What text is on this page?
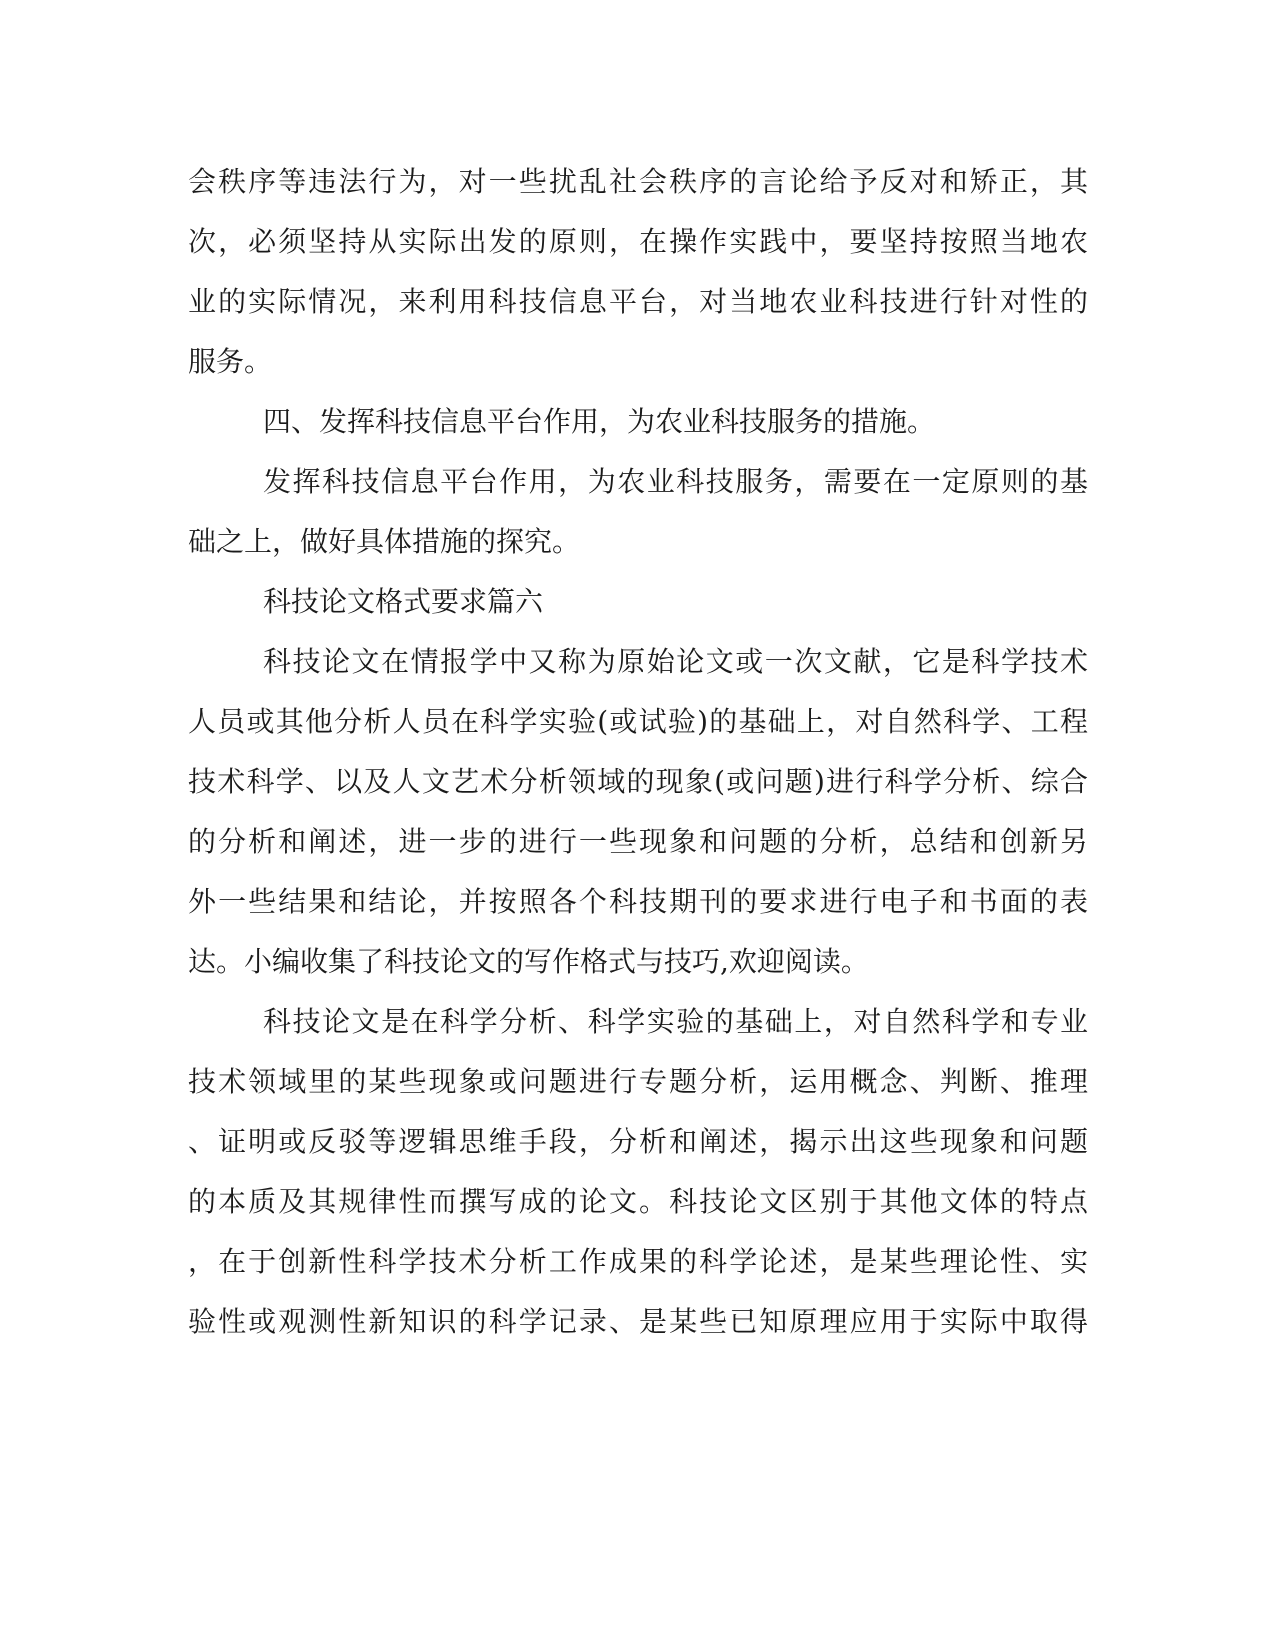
会秩序等违法行为，对一些扰乱社会秩序的言论给予反对和矫正，其
次，必须坚持从实际出发的原则，在操作实践中，要坚持按照当地农
业的实际情况，来利用科技信息平台，对当地农业科技进行针对性的
服务。
四、发挥科技信息平台作用，为农业科技服务的措施。
发挥科技信息平台作用，为农业科技服务，需要在一定原则的基
础之上，做好具体措施的探究。
科技论文格式要求篇六
科技论文在情报学中又称为原始论文或一次文献，它是科学技术
人员或其他分析人员在科学实验(或试验)的基础上，对自然科学、工程
技术科学、以及人文艺术分析领域的现象(或问题)进行科学分析、综合
的分析和阐述，进一步的进行一些现象和问题的分析，总结和创新另
外一些结果和结论，并按照各个科技期刊的要求进行电子和书面的表
达。小编收集了科技论文的写作格式与技巧,欢迎阅读。
科技论文是在科学分析、科学实验的基础上，对自然科学和专业
技术领域里的某些现象或问题进行专题分析，运用概念、判断、推理
、证明或反驳等逻辑思维手段，分析和阐述，揭示出这些现象和问题
的本质及其规律性而撰写成的论文。科技论文区别于其他文体的特点
，在于创新性科学技术分析工作成果的科学论述，是某些理论性、实
验性或观测性新知识的科学记录、是某些已知原理应用于实际中取得
